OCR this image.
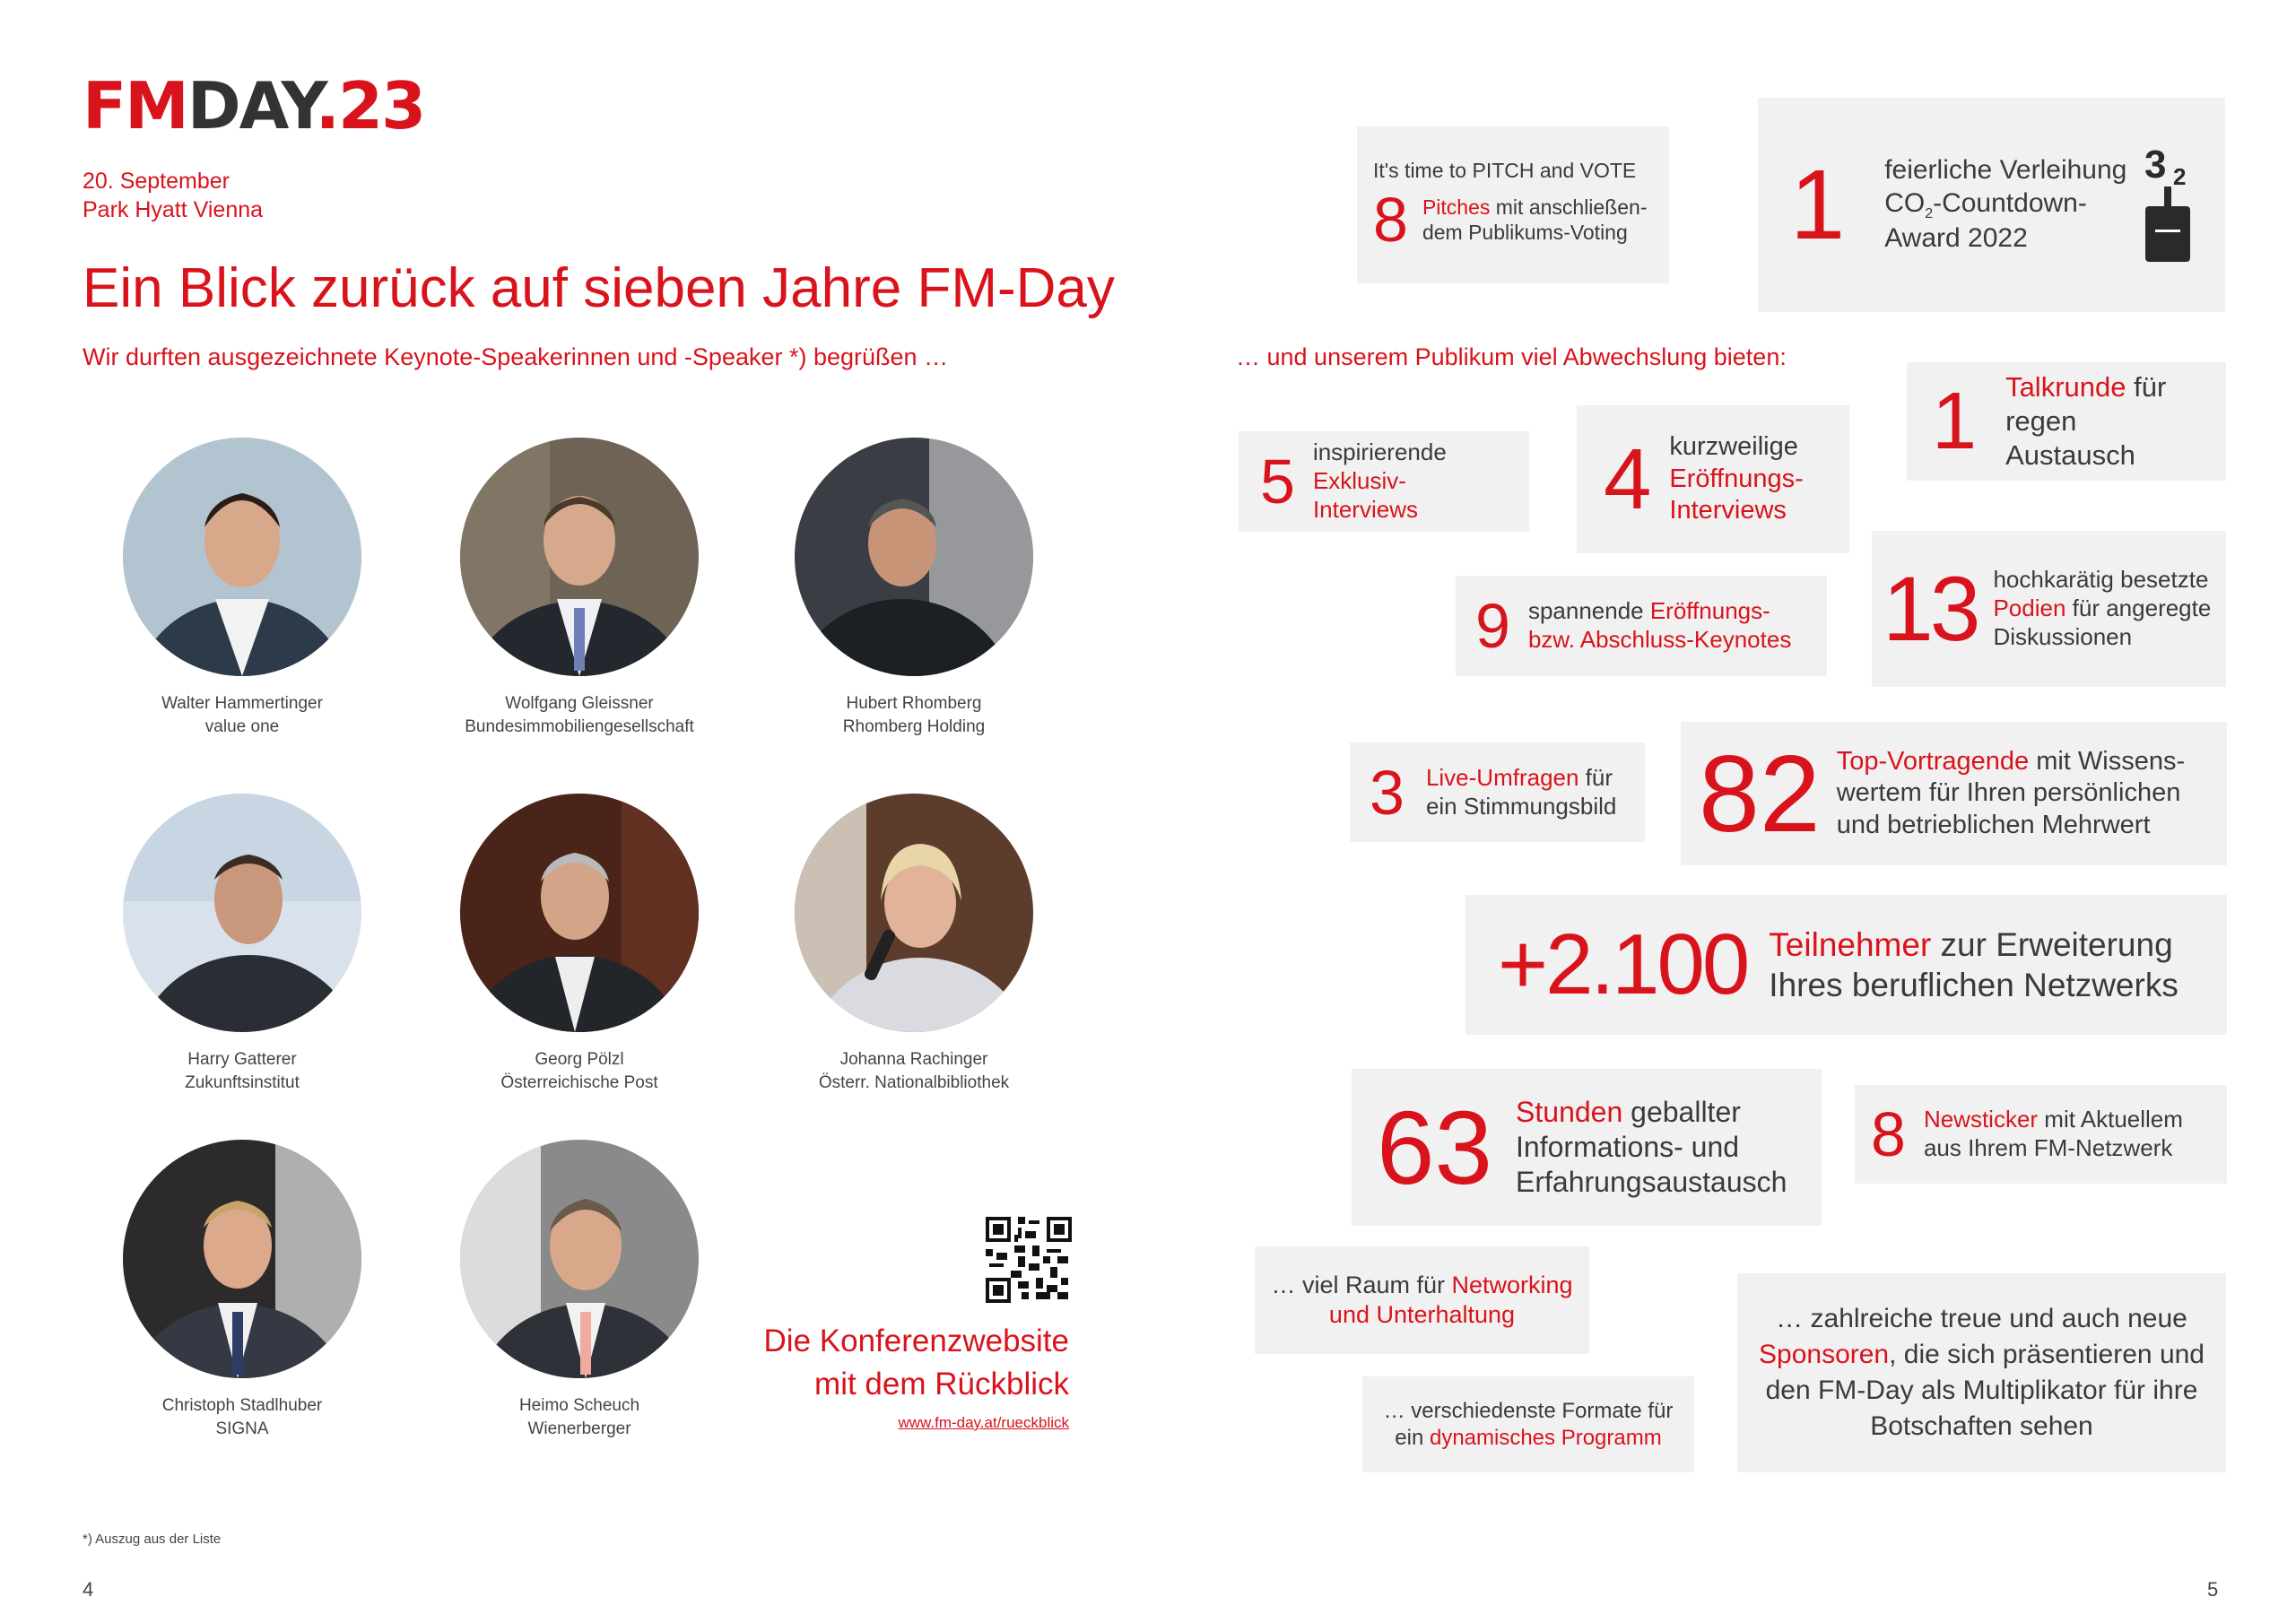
FMDAY.23
20. September
Park Hyatt Vienna
Ein Blick zurück auf sieben Jahre FM-Day
Wir durften ausgezeichnete Keynote-Speakerinnen und -Speaker *) begrüßen …
Walter Hammertinger
value one
Wolfgang Gleissner
Bundesimmobiliengesellschaft
Hubert Rhomberg
Rhomberg Holding
Harry Gatterer
Zukunftsinstitut
Georg Pölzl
Österreichische Post
Johanna Rachinger
Österr. Nationalbibliothek
Christoph Stadlhuber
SIGNA
Heimo Scheuch
Wienerberger
Die Konferenzwebsite
mit dem Rückblick
www.fm-day.at/rueckblick
*) Auszug aus der Liste
4	5
… und unserem Publikum viel Abwechslung bieten:
It's time to PITCH and VOTE
8 Pitches mit anschließen-
dem Publikums-Voting 1 feierliche Verleihung
$CO_2-Countdown-$
Award 2022
3 2
5 inspirierende
Exklusiv-Interviews	4 kurzweilige
Eröffnungs-
Interviews
1 Talkrunde für
regen Austausch
9 spannende Eröffnungs-
bzw. Abschluss-Keynotes 13 hochkarätig besetzte
Podien für angeregte
Diskussionen
3 Live-Umfragen für
ein Stimmungsbild 82 Top-Vortragende mit Wissens-
wertem für Ihren persönlichen
und betrieblichen Mehrwert
+2.100 Teilnehmer zur Erweiterung
Ihres beruflichen Netzwerks
63 Stunden geballter
Informations- und
Erfahrungsaustausch
8 Newsticker mit Aktuellem
aus Ihrem FM-Netzwerk
… viel Raum für Networking
und Unterhaltung	… zahlreiche treue und auch neue
Sponsoren, die sich präsentieren und
den FM-Day als Multiplikator für ihre
Botschaften sehen
… verschiedenste Formate für
ein dynamisches Programm
